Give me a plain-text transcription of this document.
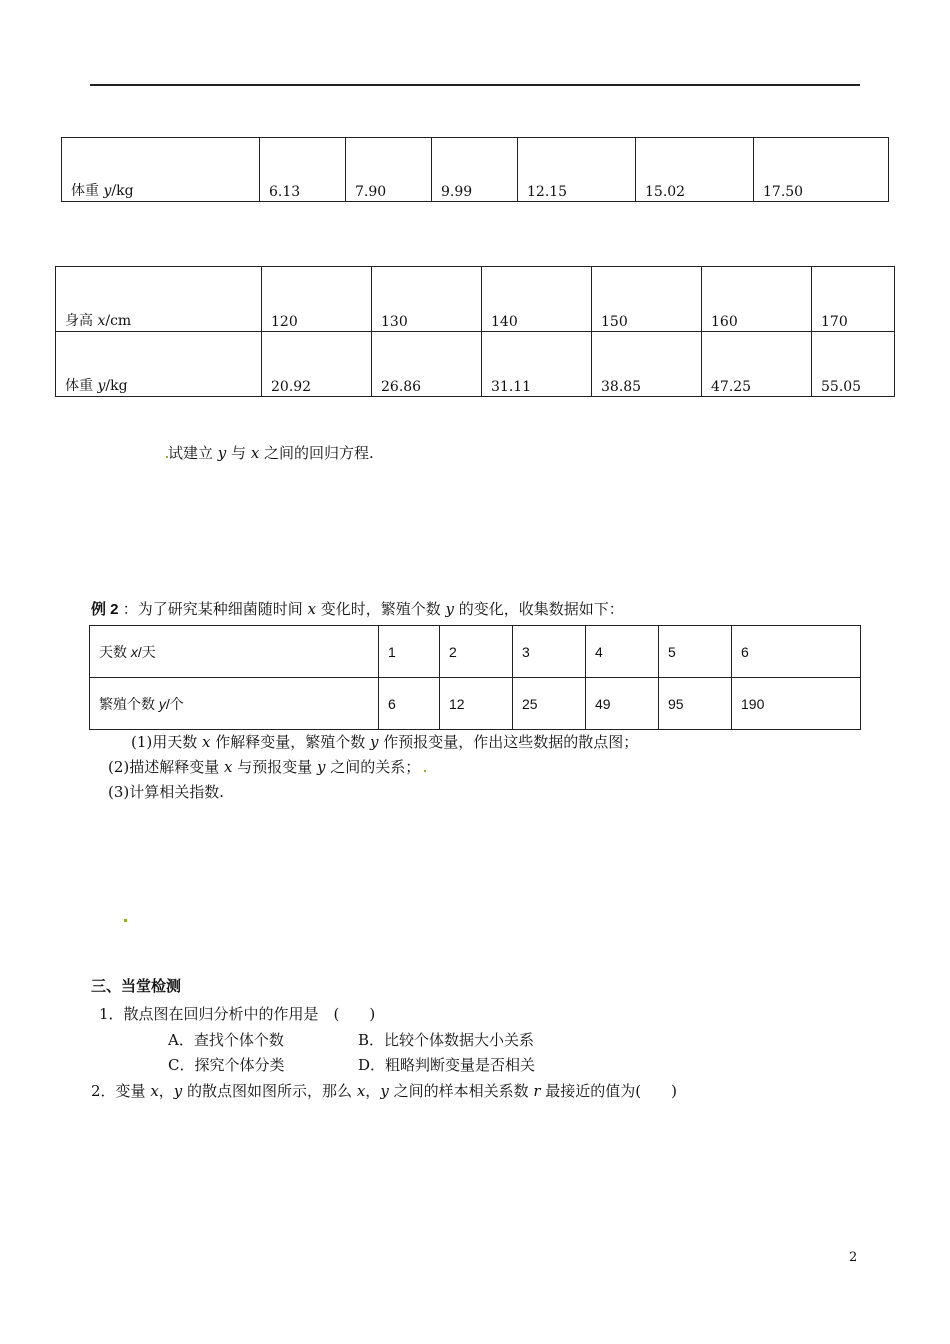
体重 y/kg	6.13	7.90	9.99	12.15	15.02	17.50
身高 x/cm	120	130	140	150	160	170
体重 y/kg	20.92	26.86	31.11	38.85	47.25	55.05
试建立 y 与 x 之间的回归方程.
例 2 ：为了研究某种细菌随时间 x 变化时，繁殖个数 y 的变化，收集数据如下：
天数 x/天	1	2	3	4	5	6
繁殖个数 y/个	6	12	25	49	95	190
(1)用天数 x 作解释变量，繁殖个数 y 作预报变量，作出这些数据的散点图；
(2)描述解释变量 x 与预报变量 y 之间的关系；
(3)计算相关指数.
三、当堂检测
1．散点图在回归分析中的作用是　(　　)
A．查找个体个数	B．比较个体数据大小关系
C．探究个体分类	D．粗略判断变量是否相关
2．变量 x，y 的散点图如图所示，那么 x，y 之间的样本相关系数 r 最接近的值为(　　)
2
